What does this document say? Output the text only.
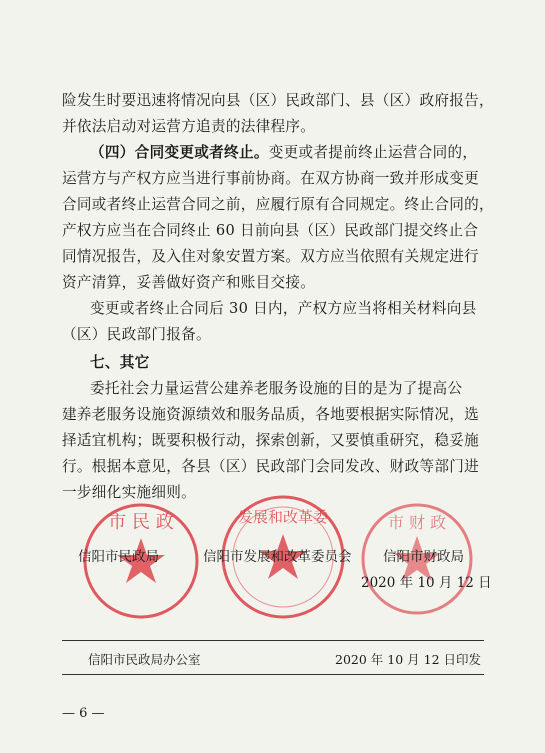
市 民 政	发展和改革委	市 财 政
险发生时要迅速将情况向县（区）民政部门、县（区）政府报告，
并依法启动对运营方追责的法律程序。
（四）合同变更或者终止。变更或者提前终止运营合同的，
运营方与产权方应当进行事前协商。在双方协商一致并形成变更
合同或者终止运营合同之前，应履行原有合同规定。终止合同的，
产权方应当在合同终止 60 日前向县（区）民政部门提交终止合
同情况报告，及入住对象安置方案。双方应当依照有关规定进行
资产清算，妥善做好资产和账目交接。
变更或者终止合同后 30 日内，产权方应当将相关材料向县
（区）民政部门报备。
七、其它
委托社会力量运营公建养老服务设施的目的是为了提高公
建养老服务设施资源绩效和服务品质，各地要根据实际情况，选
择适宜机构；既要积极行动，探索创新，又要慎重研究，稳妥施
行。根据本意见，各县（区）民政部门会同发改、财政等部门进
一步细化实施细则。
信阳市民政局	信阳市发展和改革委员会 信阳市财政局
2020 年 10 月 12 日
信阳市民政局办公室	2020 年 10 月 12 日印发
— 6 —
